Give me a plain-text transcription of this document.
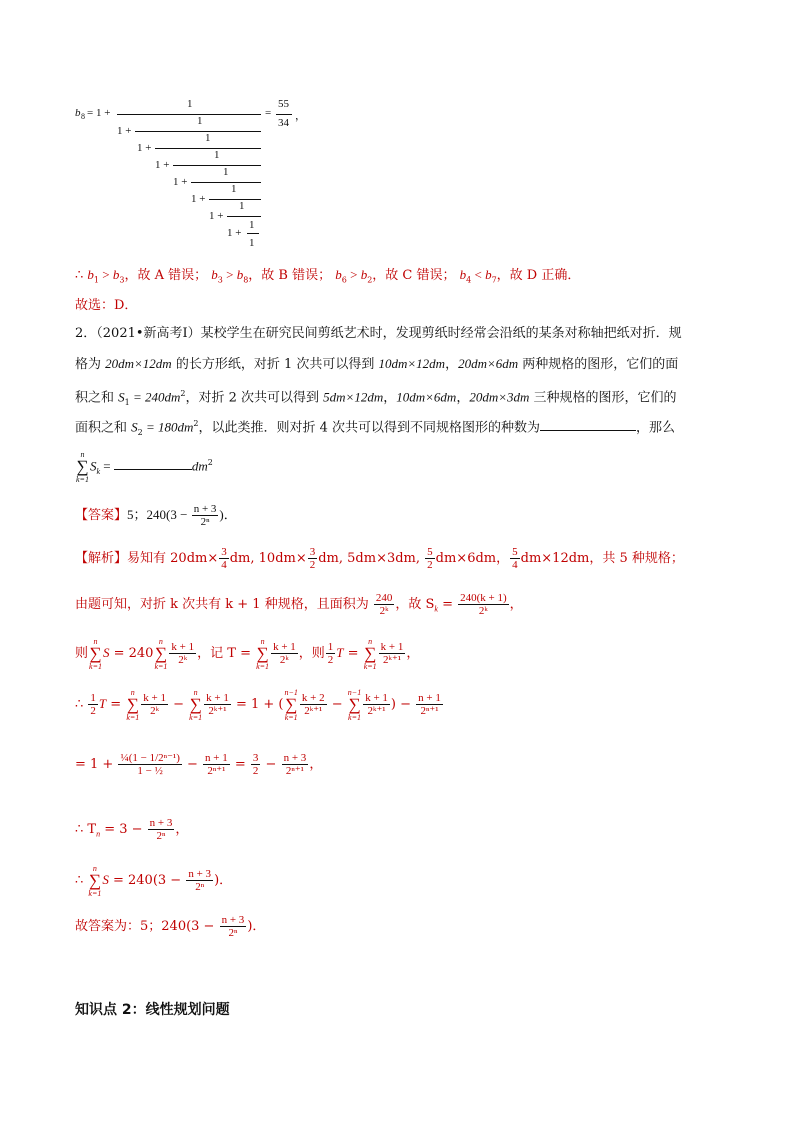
b 8 = 1 +
1
1 +
1
1 +
1
1 +
1
1 +
1
1 +
1
1 +
1
1 +
1
1
=
55
34
，
∴ $b_1 > b_3$，故 A 错误； $b_3 > b_8$，故 B 错误； $b_6 > b_2$，故 C 错误； $b_4 < b_7$，故 D 正确．
故选：D．
2．（2021•新高考Ⅰ）某校学生在研究民间剪纸艺术时，发现剪纸时经常会沿纸的某条对称轴把纸对折．规
格为 20dm×12dm 的长方形纸，对折 1 次共可以得到 10dm×12dm，20dm×6dm 两种规格的图形，它们的面
积之和 $S_1 = 240dm^2$，对折 2 次共可以得到 5dm×12dm，10dm×6dm，20dm×3dm 三种规格的图形，它们的
面积之和 $S_2 = 180dm^2$，以此类推．则对折 4 次共可以得到不同规格图形的种数为	，那么
n
∑
k=1
$S_k$ =	$dm^2$
【答案】5；$240(3 - \frac{n + 3}{\text{2ⁿ}}$ )．
【解析】易知有 $20dm\times \frac{3}{4}$ dm, $10dm\times \frac{3}{2}$ dm, 5dm×3dm, $\frac{5}{2} dm\times 6dm$， $\frac{5}{4} dm\times 12dm$，共 5 种规格；
由题可知，对折 k 次共有 k + 1 种规格，且面积为 $\frac{240}{\text{2ᵏ}}$ ，故 $S_k = \frac{240(k + 1)}{\text{2ᵏ}}$ ，
则
n
∑
k=1
S = 240
n
∑
$k=1 \frac{k + 1}{\text{2ᵏ}}$ ，记 T =
n
∑
$k=1 \frac{k + 1}{\text{2ᵏ}}$ ，则 $\frac{1}{2}$ T =
n
∑
$k=1 \frac{k + 1}{\text{2ᵏ⁺¹}}$ ，
∴ $\frac{1}{2}$ T =
n
∑
$k=1 \frac{k + 1}{\text{2ᵏ}}$ −
n
∑
$k=1 \frac{k + 1}{\text{2ᵏ⁺¹}} = 1$ + (
n−1
∑
$k=1 \frac{k + 2}{\text{2ᵏ⁺¹}}$ −
n−1
∑
$k=1 \frac{k + 1}{\text{2ᵏ⁺¹}}$ ) − $\frac{n + 1}{\text{2ⁿ⁺¹}}$
= $1 + \frac{\text{¼(1 − 1/2ⁿ⁻¹)}}{\text{1 − ½}} - \frac{n + 1}{\text{2ⁿ⁺¹}} = \frac{3}{2} - \frac{n + 3}{\text{2ⁿ⁺¹}}$ ，
∴ $T_n = 3 - \frac{n + 3}{\text{2ⁿ}}$ ，
∴
n
∑
k=1
$S = 240(3 - \frac{n + 3}{\text{2ⁿ}}$ )．
故答案为：5；$240(3 - \frac{n + 3}{\text{2ⁿ}}$ )．
知识点 2：线性规划问题
